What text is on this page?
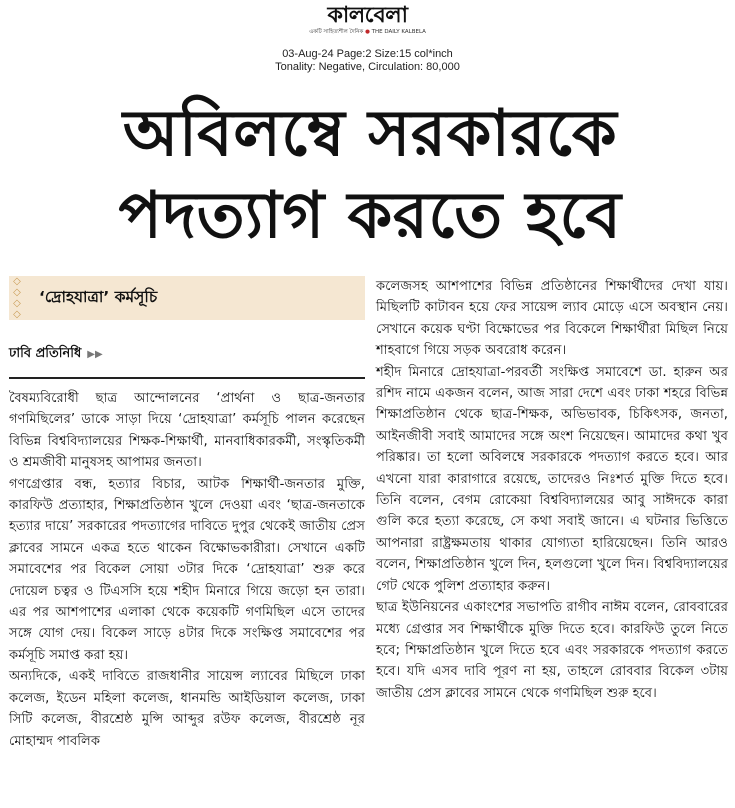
কালবেলা
একটি সাহিত্যশীল দৈনিক ● THE DAILY KALBELA
03-Aug-24 Page:2 Size:15 col*inch
Tonality: Negative, Circulation: 80,000
অবিলম্বে সরকারকে
পদত্যাগ করতে হবে
◇
◇
◇
◇
‘দ্রোহযাত্রা’ কর্মসূচি
ঢাবি প্রতিনিধি ▶▶

বৈষম্যবিরোধী ছাত্র আন্দোলনের ‘প্রার্থনা ও ছাত্র-জনতার গণমিছিলের’ ডাকে সাড়া দিয়ে ‘দ্রোহযাত্রা’ কর্মসূচি পালন করেছেন বিভিন্ন বিশ্ববিদ্যালয়ের শিক্ষক-শিক্ষার্থী, মানবাধিকারকর্মী, সংস্কৃতিকর্মী ও শ্রমজীবী মানুষসহ আপামর জনতা।

গণগ্রেপ্তার বন্ধ, হত্যার বিচার, আটক শিক্ষার্থী-জনতার মুক্তি, কারফিউ প্রত্যাহার, শিক্ষাপ্রতিষ্ঠান খুলে দেওয়া এবং ‘ছাত্র-জনতাকে হত্যার দায়ে’ সরকারের পদত্যাগের দাবিতে দুপুর থেকেই জাতীয় প্রেস ক্লাবের সামনে একত্র হতে থাকেন বিক্ষোভকারীরা। সেখানে একটি সমাবেশের পর বিকেল সোয়া ৩টার দিকে ‘দ্রোহযাত্রা’ শুরু করে দোয়েল চত্বর ও টিএসসি হয়ে শহীদ মিনারে গিয়ে জড়ো হন তারা। এর পর আশপাশের এলাকা থেকে কয়েকটি গণমিছিল এসে তাদের সঙ্গে যোগ দেয়। বিকেল সাড়ে ৪টার দিকে সংক্ষিপ্ত সমাবেশের পর কর্মসূচি সমাপ্ত করা হয়।

অন্যদিকে, একই দাবিতে রাজধানীর সায়েন্স ল্যাবের মিছিলে ঢাকা কলেজ, ইডেন মহিলা কলেজ, ধানমন্ডি আইডিয়াল কলেজ, ঢাকা সিটি কলেজ, বীরশ্রেষ্ঠ মুন্সি আব্দুর রউফ কলেজ, বীরশ্রেষ্ঠ নূর মোহাম্মদ পাবলিক

কলেজসহ আশপাশের বিভিন্ন প্রতিষ্ঠানের শিক্ষার্থীদের দেখা যায়। মিছিলটি কাটাবন হয়ে ফের সায়েন্স ল্যাব মোড়ে এসে অবস্থান নেয়। সেখানে কয়েক ঘণ্টা বিক্ষোভের পর বিকেলে শিক্ষার্থীরা মিছিল নিয়ে শাহবাগে গিয়ে সড়ক অবরোধ করেন।

শহীদ মিনারে দ্রোহযাত্রা-পরবর্তী সংক্ষিপ্ত সমাবেশে ডা. হারুন অর রশিদ নামে একজন বলেন, আজ সারা দেশে এবং ঢাকা শহরে বিভিন্ন শিক্ষাপ্রতিষ্ঠান থেকে ছাত্র-শিক্ষক, অভিভাবক, চিকিৎসক, জনতা, আইনজীবী সবাই আমাদের সঙ্গে অংশ নিয়েছেন। আমাদের কথা খুব পরিষ্কার। তা হলো অবিলম্বে সরকারকে পদত্যাগ করতে হবে। আর এখনো যারা কারাগারে রয়েছে, তাদেরও নিঃশর্ত মুক্তি দিতে হবে। তিনি বলেন, বেগম রোকেয়া বিশ্ববিদ্যালয়ের আবু সাঈদকে কারা গুলি করে হত্যা করেছে, সে কথা সবাই জানে। এ ঘটনার ভিত্তিতে আপনারা রাষ্ট্রক্ষমতায় থাকার যোগ্যতা হারিয়েছেন। তিনি আরও বলেন, শিক্ষাপ্রতিষ্ঠান খুলে দিন, হলগুলো খুলে দিন। বিশ্ববিদ্যালয়ের গেট থেকে পুলিশ প্রত্যাহার করুন।

ছাত্র ইউনিয়নের একাংশের সভাপতি রাগীব নাঈম বলেন, রোববারের মধ্যে গ্রেপ্তার সব শিক্ষার্থীকে মুক্তি দিতে হবে। কারফিউ তুলে নিতে হবে; শিক্ষাপ্রতিষ্ঠান খুলে দিতে হবে এবং সরকারকে পদত্যাগ করতে হবে। যদি এসব দাবি পূরণ না হয়, তাহলে রোববার বিকেল ৩টায় জাতীয় প্রেস ক্লাবের সামনে থেকে গণমিছিল শুরু হবে।
